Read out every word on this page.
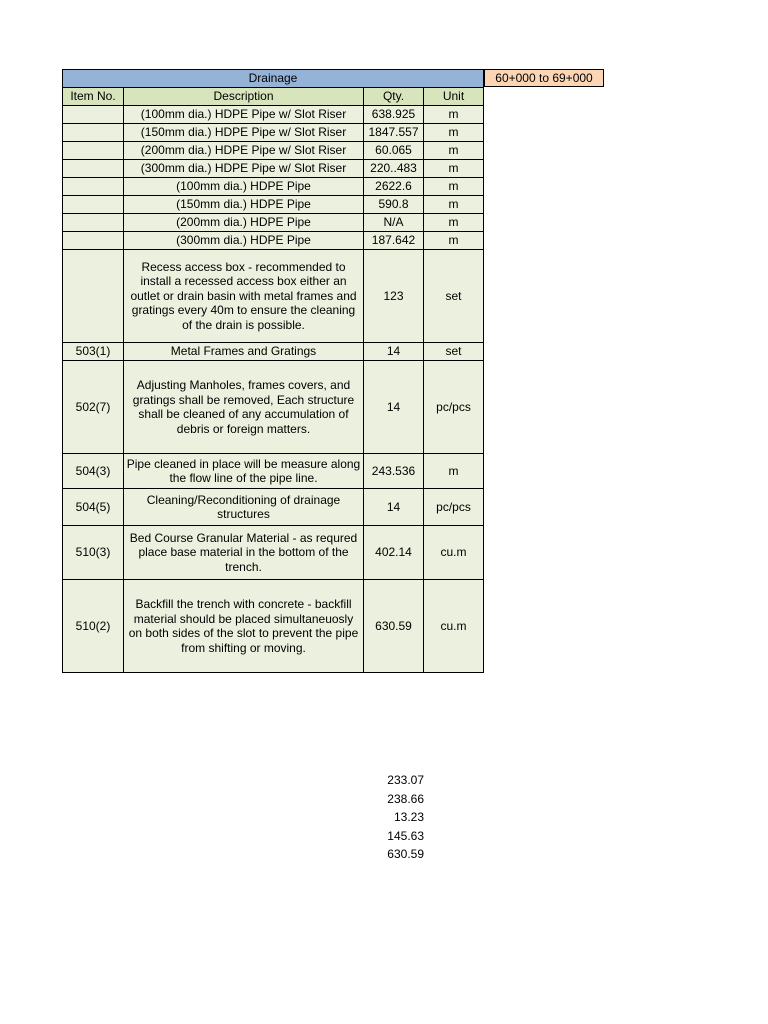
Drainage			
Item No.	Description	Qty.	Unit
	(100mm dia.) HDPE Pipe w/ Slot Riser	638.925	m
	(150mm dia.) HDPE Pipe w/ Slot Riser	1847.557	m
	(200mm dia.) HDPE Pipe w/ Slot Riser	60.065	m
	(300mm dia.) HDPE Pipe w/ Slot Riser	220..483	m
	(100mm dia.) HDPE Pipe	2622.6	m
	(150mm dia.) HDPE Pipe	590.8	m
	(200mm dia.) HDPE Pipe	N/A	m
	(300mm dia.) HDPE Pipe	187.642	m
	Recess access box - recommended to install a recessed access box either an outlet or drain basin with metal frames and gratings every 40m to ensure the cleaning of the drain is possible.	123	set
503(1)	Metal Frames and Gratings	14	set
502(7)	Adjusting Manholes, frames covers, and gratings shall be removed, Each structure shall be cleaned of any accumulation of debris or foreign matters.	14	pc/pcs
504(3)	Pipe cleaned in place will be measure along the flow line of the pipe line.	243.536	m
504(5)	Cleaning/Reconditioning of drainage structures	14	pc/pcs
510(3)	Bed Course Granular Material - as requred place base material in the bottom of the trench.	402.14	cu.m
510(2)	Backfill the trench with concrete - backfill material should be placed simultaneuosly on both sides of the slot to prevent the pipe from shifting or moving.	630.59	cu.m
60+000 to 69+000
233.07
238.66
13.23
145.63
630.59
